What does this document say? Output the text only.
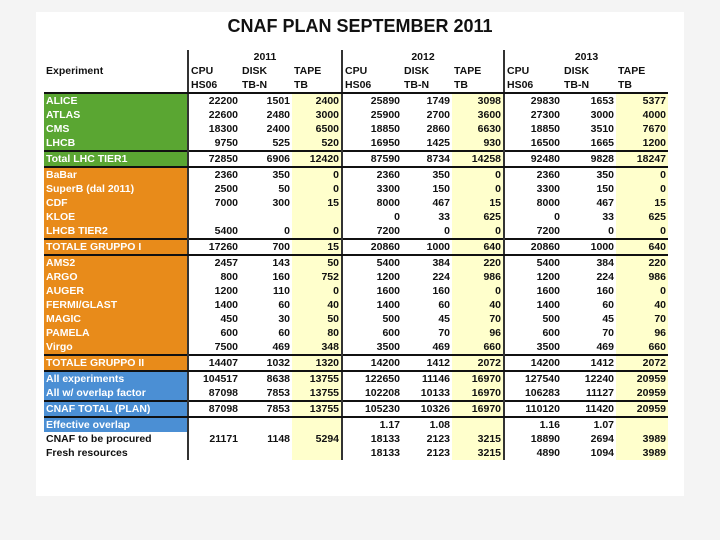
CNAF PLAN SEPTEMBER 2011
	2011			2012			2013		
Experiment	CPU	DISK	TAPE	CPU	DISK	TAPE	CPU	DISK	TAPE
	HS06	TB-N	TB	HS06	TB-N	TB	HS06	TB-N	TB
ALICE	22200	1501	2400	25890	1749	3098	29830	1653	5377
ATLAS	22600	2480	3000	25900	2700	3600	27300	3000	4000
CMS	18300	2400	6500	18850	2860	6630	18850	3510	7670
LHCB	9750	525	520	16950	1425	930	16500	1665	1200
Total LHC TIER1	72850	6906	12420	87590	8734	14258	92480	9828	18247
BaBar	2360	350	0	2360	350	0	2360	350	0
SuperB (dal 2011)	2500	50	0	3300	150	0	3300	150	0
CDF	7000	300	15	8000	467	15	8000	467	15
KLOE				0	33	625	0	33	625
LHCB TIER2	5400	0	0	7200	0	0	7200	0	0
TOTALE GRUPPO I	17260	700	15	20860	1000	640	20860	1000	640
AMS2	2457	143	50	5400	384	220	5400	384	220
ARGO	800	160	752	1200	224	986	1200	224	986
AUGER	1200	110	0	1600	160	0	1600	160	0
FERMI/GLAST	1400	60	40	1400	60	40	1400	60	40
MAGIC	450	30	50	500	45	70	500	45	70
PAMELA	600	60	80	600	70	96	600	70	96
Virgo	7500	469	348	3500	469	660	3500	469	660
TOTALE GRUPPO II	14407	1032	1320	14200	1412	2072	14200	1412	2072
All experiments	104517	8638	13755	122650	11146	16970	127540	12240	20959
All w/ overlap factor	87098	7853	13755	102208	10133	16970	106283	11127	20959
CNAF TOTAL (PLAN)	87098	7853	13755	105230	10326	16970	110120	11420	20959
Effective overlap				1.17	1.08		1.16	1.07	
CNAF to be procured	21171	1148	5294	18133	2123	3215	18890	2694	3989
Fresh resources				18133	2123	3215	4890	1094	3989
